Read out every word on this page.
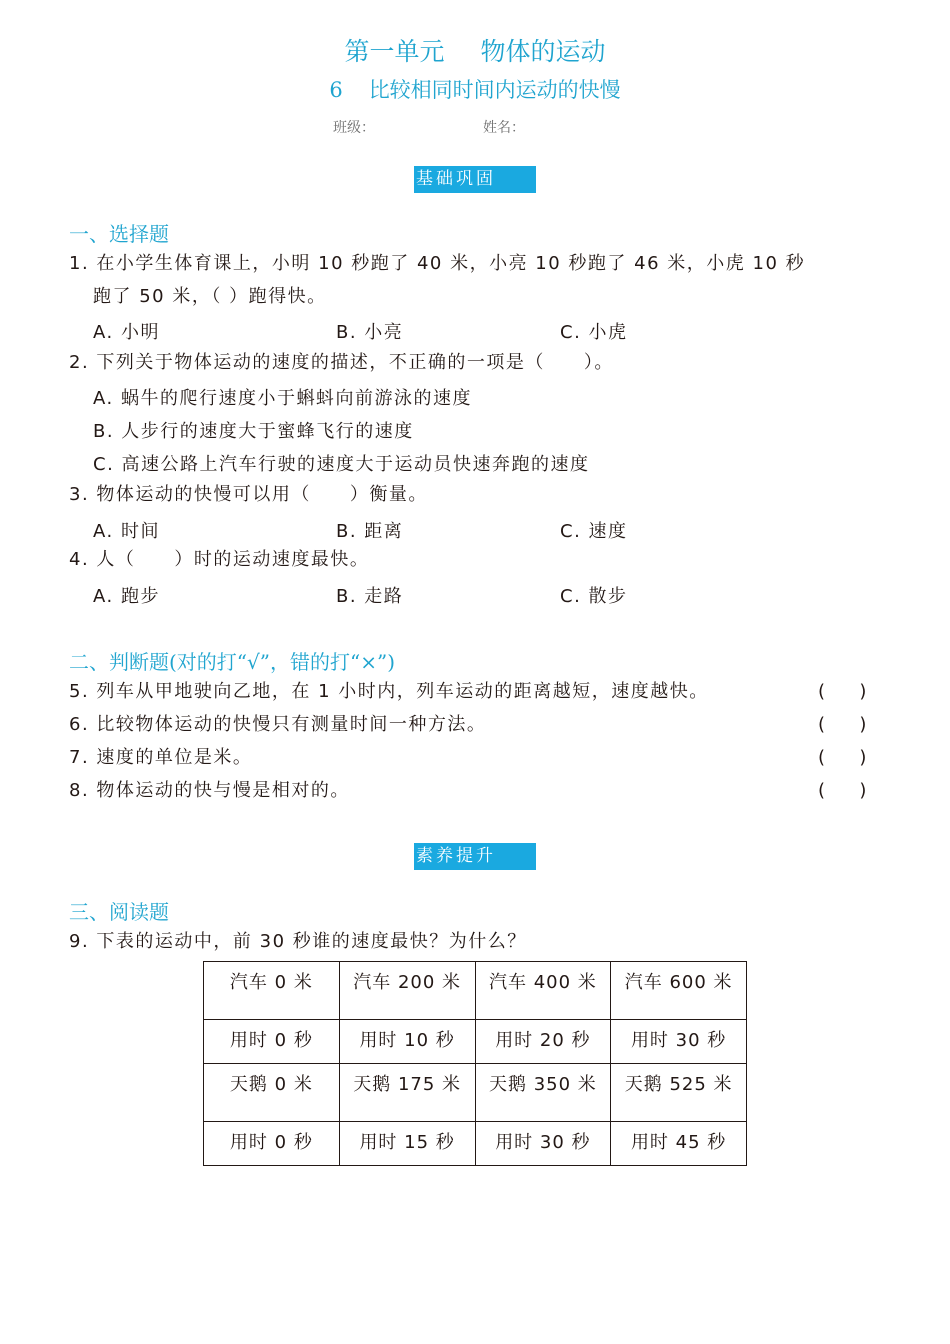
第一单元 物体的运动
6 比较相同时间内运动的快慢
班级：	姓名：
基础巩固
一、选择题
1. 在小学生体育课上，小明 10 秒跑了 40 米，小亮 10 秒跑了 46 米，小虎 10 秒
跑了 50 米，（ ）跑得快。
A. 小明	B. 小亮	C. 小虎
2. 下列关于物体运动的速度的描述，不正确的一项是（　　）。
A. 蜗牛的爬行速度小于蝌蚪向前游泳的速度
B. 人步行的速度大于蜜蜂飞行的速度
C. 高速公路上汽车行驶的速度大于运动员快速奔跑的速度
3. 物体运动的快慢可以用（　　）衡量。
A. 时间	B. 距离	C. 速度
4. 人（　　）时的运动速度最快。
A. 跑步	B. 走路	C. 散步
二、判断题(对的打“√”，错的打“×”)
5. 列车从甲地驶向乙地，在 1 小时内，列车运动的距离越短，速度越快。	(      )
6. 比较物体运动的快慢只有测量时间一种方法。	(      )
7. 速度的单位是米。	(      )
8. 物体运动的快与慢是相对的。	(      )
素养提升
三、阅读题
9. 下表的运动中，前 30 秒谁的速度最快？为什么？
汽车 0 米	汽车 200 米	汽车 400 米	汽车 600 米
用时 0 秒	用时 10 秒	用时 20 秒	用时 30 秒
天鹅 0 米	天鹅 175 米	天鹅 350 米	天鹅 525 米
用时 0 秒	用时 15 秒	用时 30 秒	用时 45 秒
